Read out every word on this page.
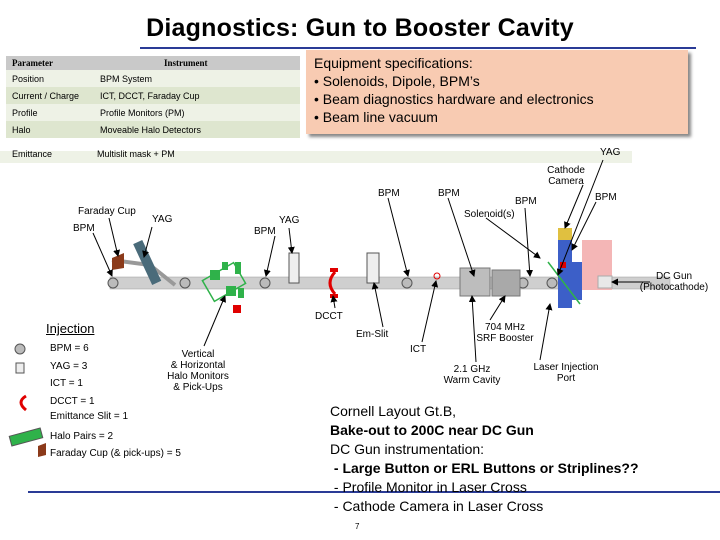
Diagnostics: Gun to Booster Cavity
Parameter	Instrument
Position	BPM System
Current / Charge	ICT, DCCT, Faraday Cup
Profile	Profile Monitors (PM)
Halo	Moveable Halo Detectors
Emittance	Multislit mask + PM
Equipment specifications:
• Solenoids, Dipole, BPM’s
• Beam diagnostics hardware and electronics
• Beam line vacuum
YAG
Cathode
Camera
BPM	BPM
BPM	BPM
Solenoid(s)
Faraday Cup
BPM
YAG	YAG
BPM
DC Gun
(Photocathode)
DCCT
Em-Slit
ICT
704 MHz
SRF Booster
2.1 GHz
Warm Cavity
Laser Injection
Port
Vertical
& Horizontal
Halo Monitors
& Pick-Ups
Injection
BPM = 6
YAG = 3
ICT = 1
DCCT = 1
Emittance Slit = 1
Halo Pairs = 2
Faraday Cup (& pick-ups) = 5
Cornell Layout Gt.B,
Bake-out to 200C near DC Gun
DC Gun instrumentation:
- Large Button or ERL Buttons or Striplines??
- Profile Monitor in Laser Cross
- Cathode Camera in Laser Cross
7
